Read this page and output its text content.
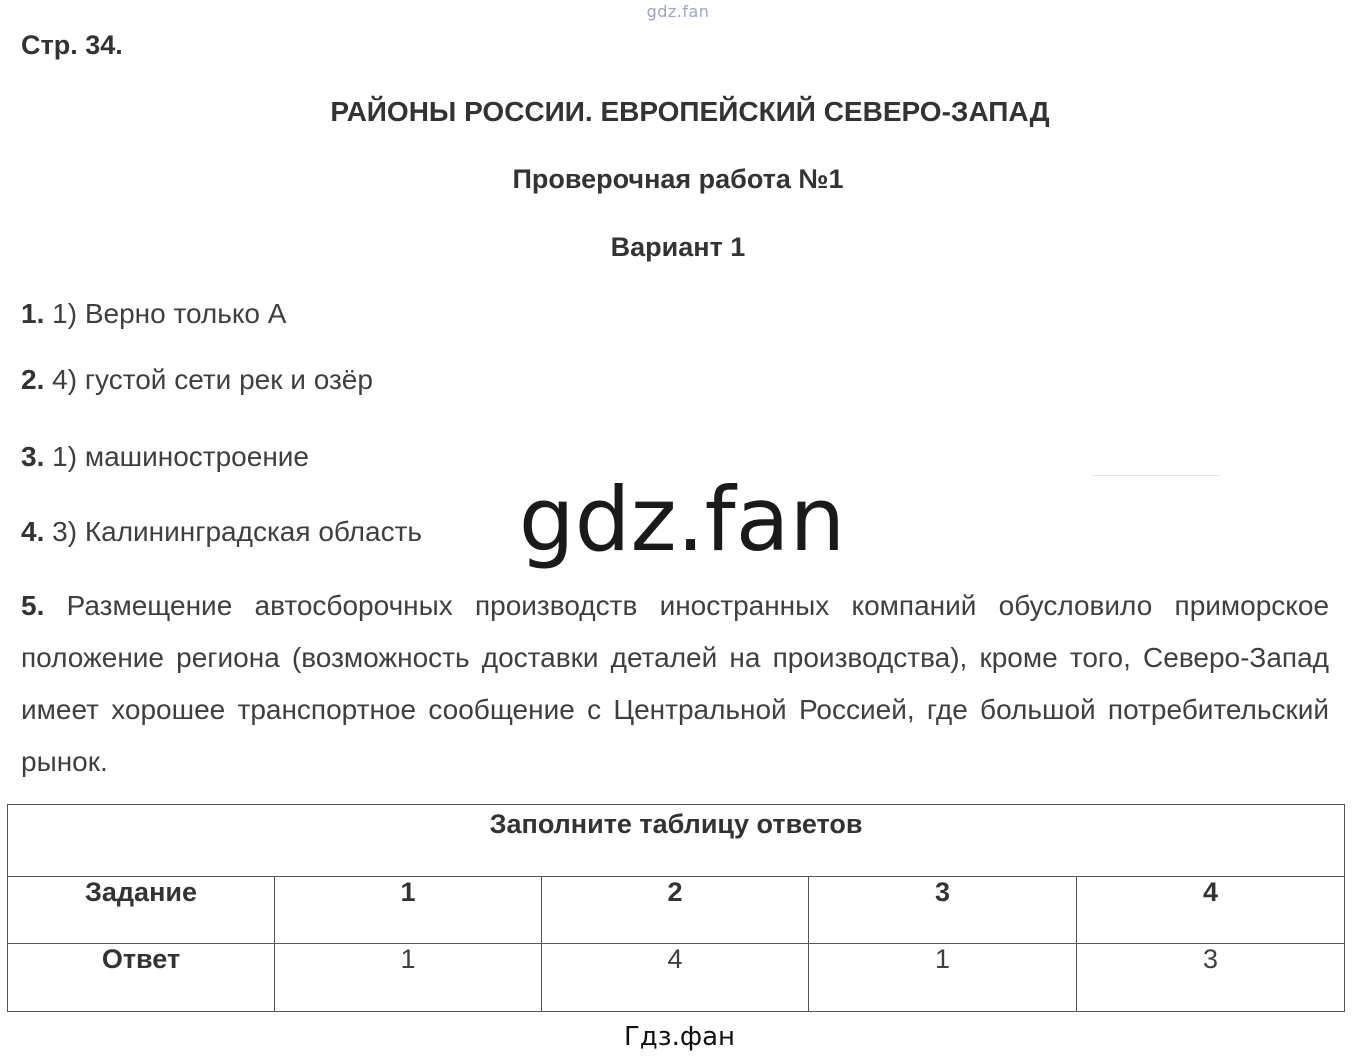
gdz.fan
Стр. 34.
РАЙОНЫ РОССИИ. ЕВРОПЕЙСКИЙ СЕВЕРО-ЗАПАД
Проверочная работа №1
Вариант 1
1. 1) Верно только А
2. 4) густой сети рек и озёр
3. 1) машиностроение
4. 3) Калининградская область	gdz.fan
5. Размещение автосборочных производств иностранных компаний обусловило приморское положение региона (возможность доставки деталей на производства), кроме того, Северо-Запад имеет хорошее транспортное сообщение с Центральной Россией, где большой потребительский рынок.
Заполните таблицу ответов				
Задание	1	2	3	4
Ответ	1	4	1	3
Гдз.фан
